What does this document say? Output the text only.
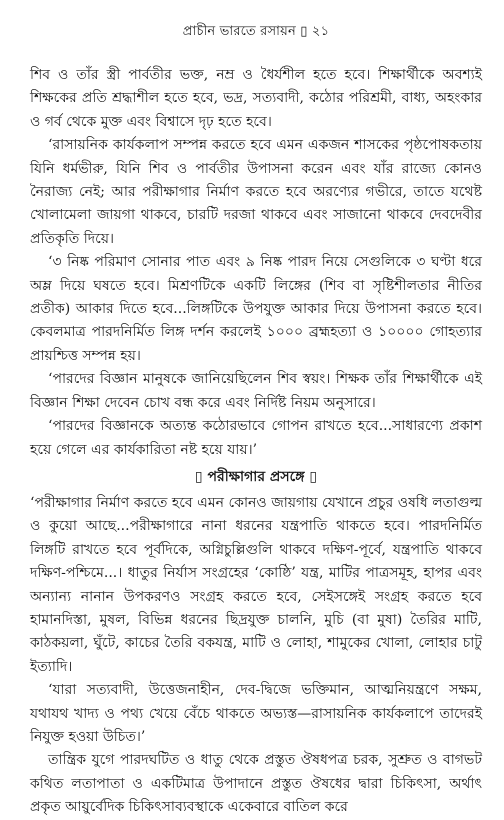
প্রাচীন ভারতে রসায়ন ▯ ২১

শিব ও তাঁর স্ত্রী পার্বতীর ভক্ত, নম্র ও ধৈর্যশীল হতে হবে। শিক্ষার্থীকে অবশ্যই শিক্ষকের প্রতি শ্রদ্ধাশীল হতে হবে, ভদ্র, সত্যবাদী, কঠোর পরিশ্রমী, বাধ্য, অহংকার ও গর্ব থেকে মুক্ত এবং বিশ্বাসে দৃঢ় হতে হবে।

‘রাসায়নিক কার্যকলাপ সম্পন্ন করতে হবে এমন একজন শাসকের পৃষ্ঠপোষকতায় যিনি ধর্মভীরু, যিনি শিব ও পার্বতীর উপাসনা করেন এবং যাঁর রাজ্যে কোনও নৈরাজ্য নেই; আর পরীক্ষাগার নির্মাণ করতে হবে অরণ্যের গভীরে, তাতে যথেষ্ট খোলামেলা জায়গা থাকবে, চারটি দরজা থাকবে এবং সাজানো থাকবে দেবদেবীর প্রতিকৃতি দিয়ে।

‘৩ নিষ্ক পরিমাণ সোনার পাত এবং ৯ নিষ্ক পারদ নিয়ে সেগুলিকে ৩ ঘণ্টা ধরে অম্ল দিয়ে ঘষতে হবে। মিশ্রণটিকে একটি লিঙ্গের (শিব বা সৃষ্টিশীলতার নীতির প্রতীক) আকার দিতে হবে...লিঙ্গটিকে উপযুক্ত আকার দিয়ে উপাসনা করতে হবে। কেবলমাত্র পারদনির্মিত লিঙ্গ দর্শন করলেই ১০০০ ব্রহ্মহত্যা ও ১০০০০ গোহত্যার প্রায়শ্চিত্ত সম্পন্ন হয়।

‘পারদের বিজ্ঞান মানুষকে জানিয়েছিলেন শিব স্বয়ং। শিক্ষক তাঁর শিক্ষার্থীকে এই বিজ্ঞান শিক্ষা দেবেন চোখ বন্ধ করে এবং নির্দিষ্ট নিয়ম অনুসারে।

‘পারদের বিজ্ঞানকে অত্যন্ত কঠোরভাবে গোপন রাখতে হবে...সাধারণ্যে প্রকাশ হয়ে গেলে এর কার্যকারিতা নষ্ট হয়ে যায়।’

▯ পরীক্ষাগার প্রসঙ্গে ▯

‘পরীক্ষাগার নির্মাণ করতে হবে এমন কোনও জায়গায় যেখানে প্রচুর ওষধি লতাগুল্ম ও কুয়ো আছে...পরীক্ষাগারে নানা ধরনের যন্ত্রপাতি থাকতে হবে। পারদনির্মিত লিঙ্গটি রাখতে হবে পূর্বদিকে, অগ্নিচুল্লিগুলি থাকবে দক্ষিণ-পূর্বে, যন্ত্রপাতি থাকবে দক্ষিণ-পশ্চিমে...। ধাতুর নির্যাস সংগ্রহের ‘কোষ্ঠি’ যন্ত্র, মাটির পাত্রসমূহ, হাপর এবং অন্যান্য নানান উপকরণও সংগ্রহ করতে হবে, সেইসঙ্গেই সংগ্রহ করতে হবে হামানদিস্তা, মুষল, বিভিন্ন ধরনের ছিদ্রযুক্ত চালনি, মুচি (বা মুষা) তৈরির মাটি, কাঠকয়লা, ঘুঁটে, কাচের তৈরি বকযন্ত্র, মাটি ও লোহা, শামুকের খোলা, লোহার চাটু ইত্যাদি।

‘যারা সত্যবাদী, উত্তেজনাহীন, দেব-দ্বিজে ভক্তিমান, আত্মনিয়ন্ত্রণে সক্ষম, যথাযথ খাদ্য ও পথ্য খেয়ে বেঁচে থাকতে অভ্যস্ত—রাসায়নিক কার্যকলাপে তাদেরই নিযুক্ত হওয়া উচিত।’

তান্ত্রিক যুগে পারদঘটিত ও ধাতু থেকে প্রস্তুত ঔষধপত্র চরক, সুশ্রুত ও বাগভট কথিত লতাপাতা ও একটিমাত্র উপাদানে প্রস্তুত ঔষধের দ্বারা চিকিৎসা, অর্থাৎ প্রকৃত আয়ুর্বেদিক চিকিৎসাব্যবস্থাকে একেবারে বাতিল করে
